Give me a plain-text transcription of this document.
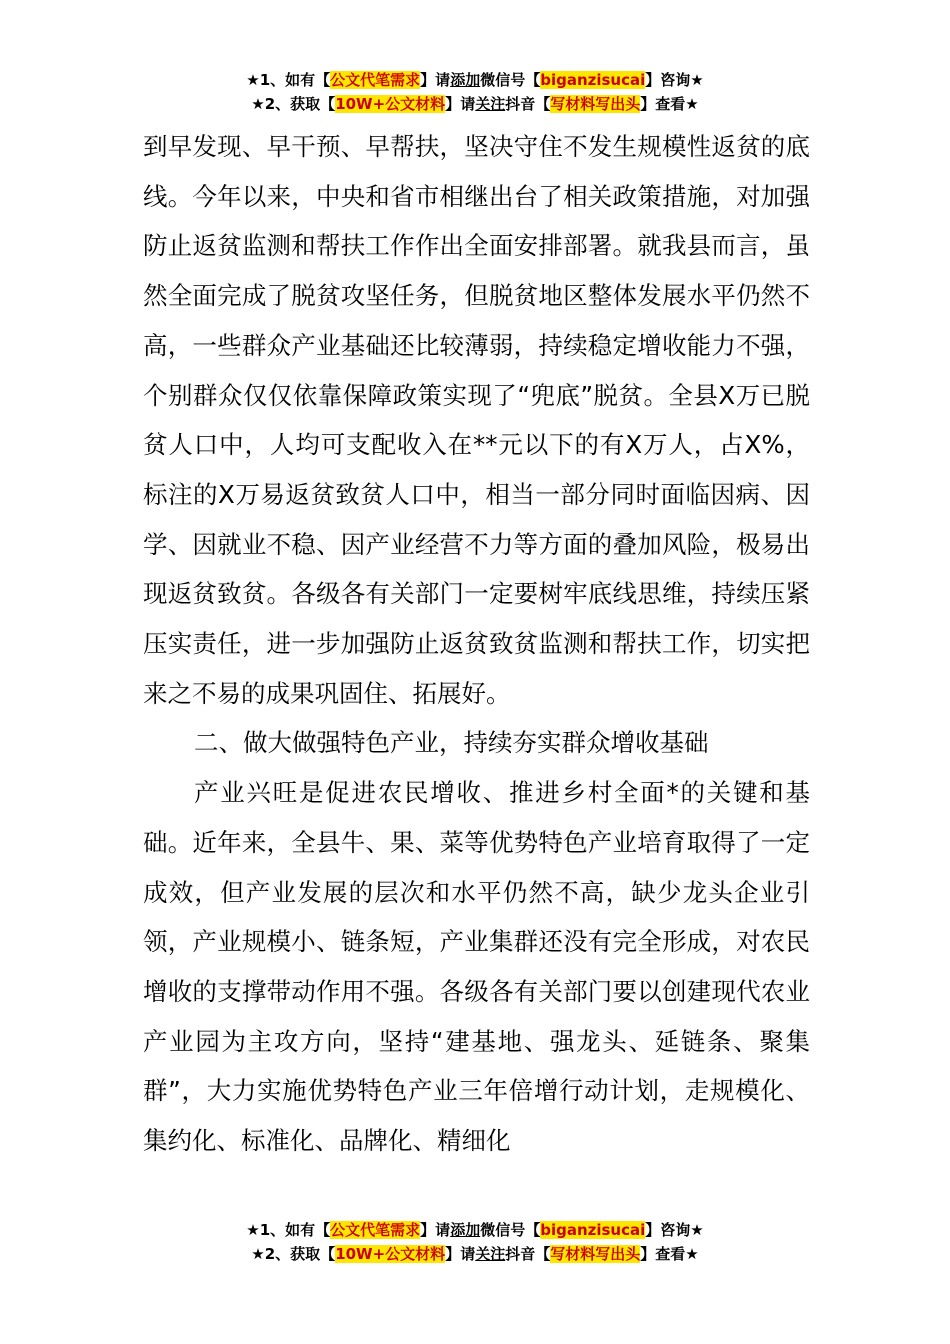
★1、如有【公文代笔需求】请添加微信号【biganzisucai】咨询★
★2、获取【10W+公文材料】请关注抖音【写材料写出头】查看★

到早发现、早干预、早帮扶，坚决守住不发生规模性返贫的底线。今年以来，中央和省市相继出台了相关政策措施，对加强防止返贫监测和帮扶工作作出全面安排部署。就我县而言，虽然全面完成了脱贫攻坚任务，但脱贫地区整体发展水平仍然不高，一些群众产业基础还比较薄弱，持续稳定增收能力不强，个别群众仅仅依靠保障政策实现了“兜底”脱贫。全县X万已脱贫人口中，人均可支配收入在**元以下的有X万人，占X%，标注的X万易返贫致贫人口中，相当一部分同时面临因病、因学、因就业不稳、因产业经营不力等方面的叠加风险，极易出现返贫致贫。各级各有关部门一定要树牢底线思维，持续压紧压实责任，进一步加强防止返贫致贫监测和帮扶工作，切实把来之不易的成果巩固住、拓展好。

二、做大做强特色产业，持续夯实群众增收基础

产业兴旺是促进农民增收、推进乡村全面*的关键和基础。近年来，全县牛、果、菜等优势特色产业培育取得了一定成效，但产业发展的层次和水平仍然不高，缺少龙头企业引领，产业规模小、链条短，产业集群还没有完全形成，对农民增收的支撑带动作用不强。各级各有关部门要以创建现代农业产业园为主攻方向，坚持“建基地、强龙头、延链条、聚集群”，大力实施优势特色产业三年倍增行动计划，走规模化、集约化、标准化、品牌化、精细化

★1、如有【公文代笔需求】请添加微信号【biganzisucai】咨询★
★2、获取【10W+公文材料】请关注抖音【写材料写出头】查看★
